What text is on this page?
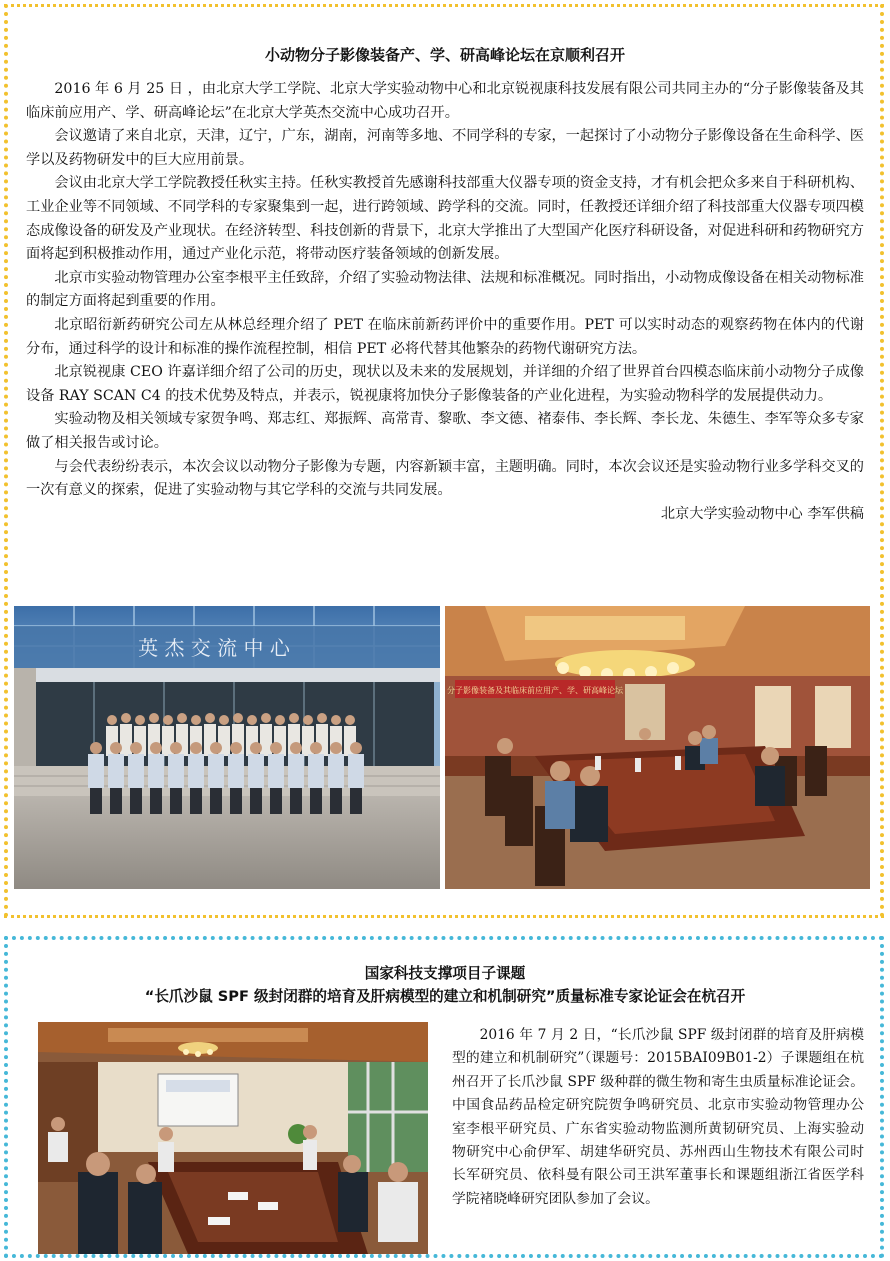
小动物分子影像装备产、学、研高峰论坛在京顺利召开

2016 年 6 月 25 日 ，由北京大学工学院、北京大学实验动物中心和北京锐视康科技发展有限公司共同主办的“分子影像装备及其临床前应用产、学、研高峰论坛”在北京大学英杰交流中心成功召开。

会议邀请了来自北京，天津，辽宁，广东，湖南，河南等多地、不同学科的专家，一起探讨了小动物分子影像设备在生命科学、医学以及药物研发中的巨大应用前景。

会议由北京大学工学院教授任秋实主持。任秋实教授首先感谢科技部重大仪器专项的资金支持，才有机会把众多来自于科研机构、工业企业等不同领域、不同学科的专家聚集到一起，进行跨领域、跨学科的交流。同时，任教授还详细介绍了科技部重大仪器专项四模态成像设备的研发及产业现状。在经济转型、科技创新的背景下，北京大学推出了大型国产化医疗科研设备，对促进科研和药物研究方面将起到积极推动作用，通过产业化示范，将带动医疗装备领域的创新发展。

北京市实验动物管理办公室李根平主任致辞，介绍了实验动物法律、法规和标准概况。同时指出，小动物成像设备在相关动物标准的制定方面将起到重要的作用。

北京昭衍新药研究公司左从林总经理介绍了 PET 在临床前新药评价中的重要作用。PET 可以实时动态的观察药物在体内的代谢分布，通过科学的设计和标准的操作流程控制，相信 PET 必将代替其他繁杂的药物代谢研究方法。

北京锐视康 CEO 许嘉详细介绍了公司的历史，现状以及未来的发展规划，并详细的介绍了世界首台四模态临床前小动物分子成像设备 RAY SCAN C4 的技术优势及特点，并表示，锐视康将加快分子影像装备的产业化进程，为实验动物科学的发展提供动力。

实验动物及相关领域专家贺争鸣、郑志红、郑振辉、高常青、黎歌、李文德、褚泰伟、李长辉、李长龙、朱德生、李军等众多专家做了相关报告或讨论。

与会代表纷纷表示，本次会议以动物分子影像为专题，内容新颖丰富，主题明确。同时，本次会议还是实验动物行业多学科交叉的一次有意义的探索，促进了实验动物与其它学科的交流与共同发展。

北京大学实验动物中心 李军供稿

英 杰 交 流 中 心
分子影像装备及其临床前应用产、学、研高峰论坛
国家科技支撑项目子课题
“长爪沙鼠 SPF 级封闭群的培育及肝病模型的建立和机制研究”质量标准专家论证会在杭召开
2016 年 7 月 2 日，“长爪沙鼠 SPF 级封闭群的培育及肝病模型的建立和机制研究”（课题号：2015BAI09B01-2）子课题组在杭州召开了长爪沙鼠 SPF 级种群的微生物和寄生虫质量标准论证会。中国食品药品检定研究院贺争鸣研究员、北京市实验动物管理办公室李根平研究员、广东省实验动物监测所黄韧研究员、上海实验动物研究中心俞伊军、胡建华研究员、苏州西山生物技术有限公司时长军研究员、依科曼有限公司王洪军董事长和课题组浙江省医学科学院褚晓峰研究团队参加了会议。
